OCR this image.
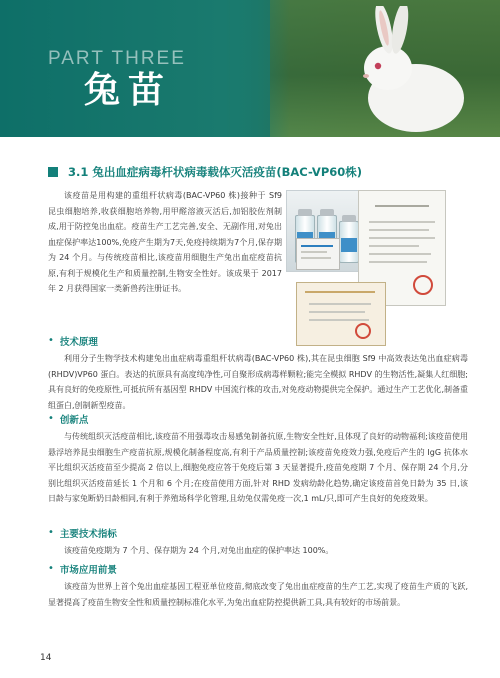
PART THREE
兔苗
3.1 兔出血症病毒杆状病毒载体灭活疫苗(BAC-VP60株)
该疫苗是用构建的重组杆状病毒(BAC-VP60 株)接种于 Sf9 昆虫细胞培养,收获细胞培养物,用甲醛溶液灭活后,加铝胶佐剂制成,用于防控兔出血症。疫苗生产工艺完善,安全、无副作用,对兔出血症保护率达100%,免疫产生期为7天,免疫持续期为7个月,保存期为 24 个月。与传统疫苗相比,该疫苗用细胞生产兔出血症疫苗抗原,有利于规模化生产和质量控制,生物安全性好。该成果于 2017 年 2 月获得国家一类新兽药注册证书。
• 技术原理
利用分子生物学技术构建兔出血症病毒重组杆状病毒(BAC-VP60 株),其在昆虫细胞 Sf9 中高效表达兔出血症病毒(RHDV)VP60 蛋白。表达的抗原具有高度纯净性,可自聚形成病毒样颗粒;能完全模拟 RHDV 的生物活性,凝集人红细胞;具有良好的免疫原性,可抵抗所有基因型 RHDV 中国流行株的攻击,对免疫动物提供完全保护。通过生产工艺优化,制备重组蛋白,创制新型疫苗。
• 创新点
与传统组织灭活疫苗相比,该疫苗不用强毒攻击易感兔制备抗原,生物安全性好,且体现了良好的动物福利;该疫苗使用悬浮培养昆虫细胞生产疫苗抗原,规模化制备程度高,有利于产品质量控制;该疫苗免疫效力强,免疫后产生的 IgG 抗体水平比组织灭活疫苗至少提高 2 倍以上,细胞免疫应答于免疫后第 3 天显著提升,疫苗免疫期 7 个月、保存期 24 个月,分别比组织灭活疫苗延长 1 个月和 6 个月;在疫苗使用方面,针对 RHD 发病幼龄化趋势,确定该疫苗首免日龄为 35 日,该日龄与家兔断奶日龄相同,有利于养殖场科学化管理,且幼兔仅需免疫一次,1 mL/只,即可产生良好的免疫效果。
• 主要技术指标
该疫苗免疫期为 7 个月、保存期为 24 个月,对兔出血症的保护率达 100%。
• 市场应用前景
该疫苗为世界上首个兔出血症基因工程亚单位疫苗,彻底改变了兔出血症疫苗的生产工艺,实现了疫苗生产质的飞跃,显著提高了疫苗生物安全性和质量控制标准化水平,为兔出血症防控提供新工具,具有较好的市场前景。
14
